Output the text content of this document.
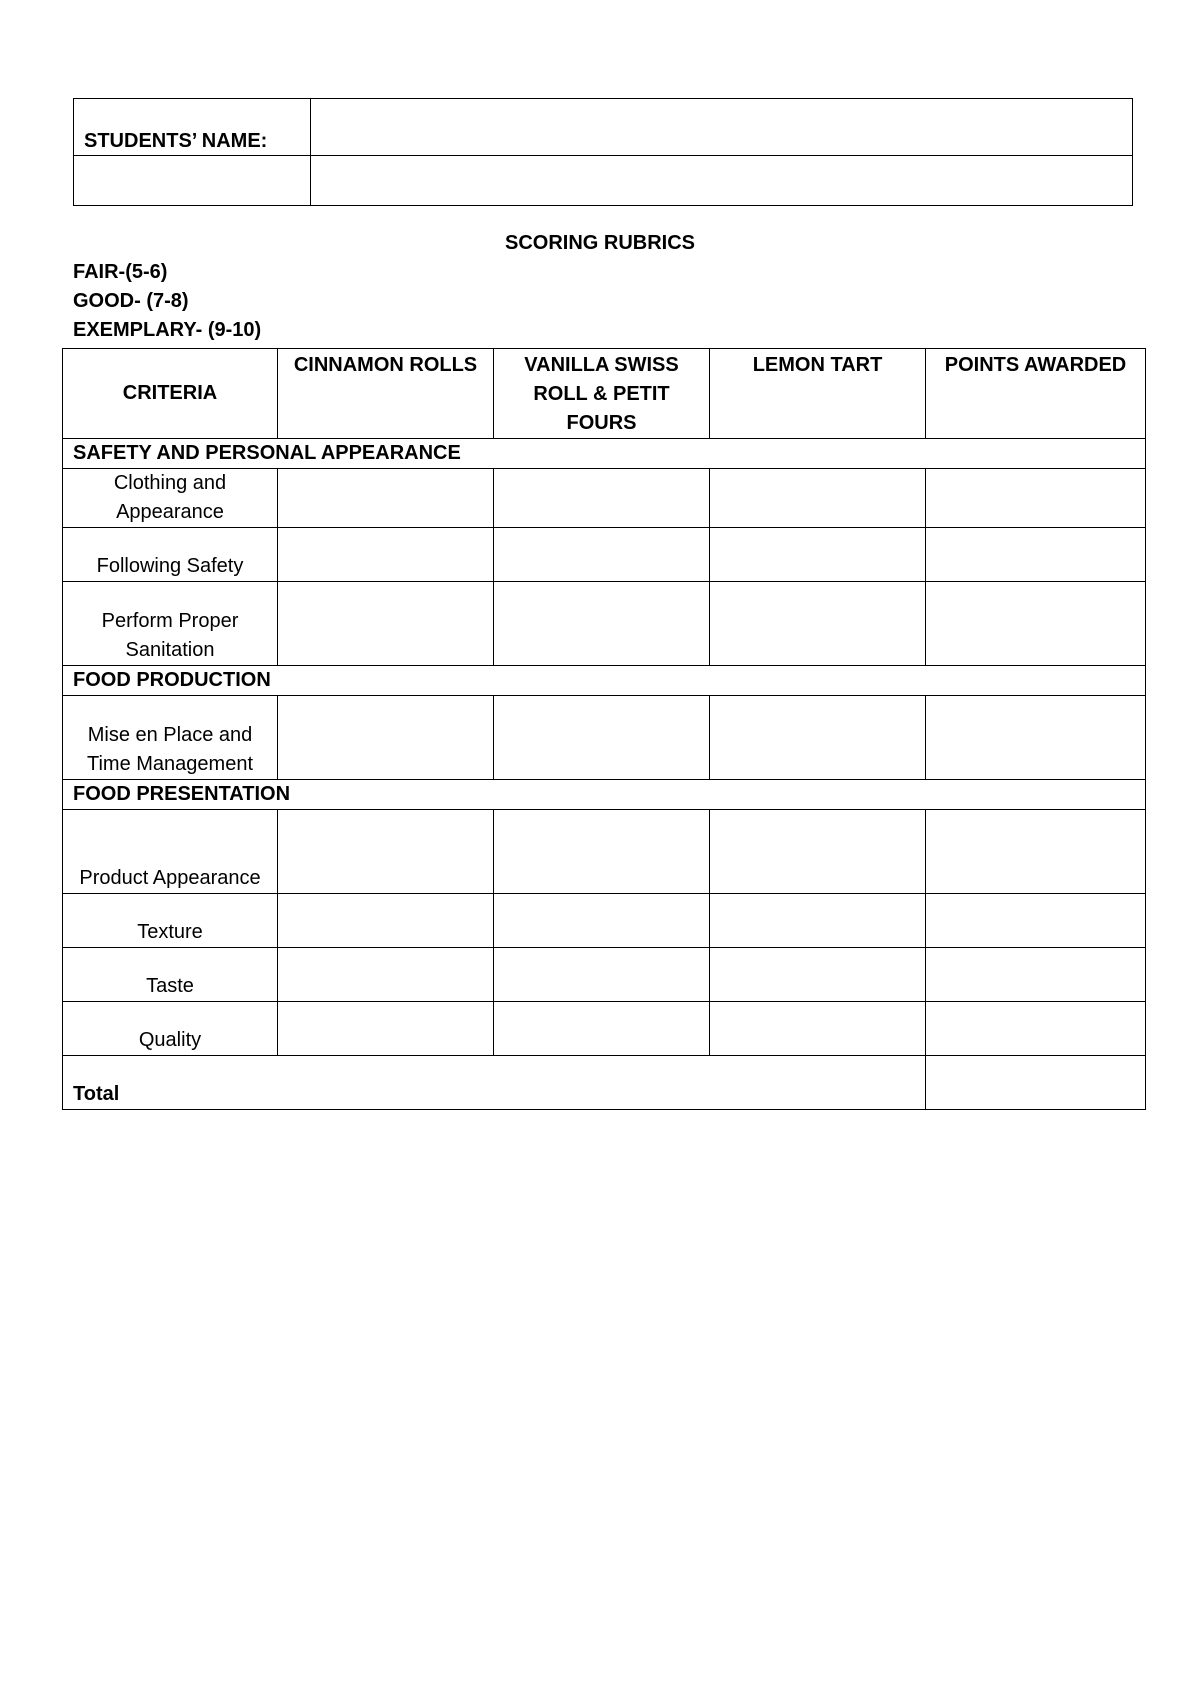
STUDENTS’ NAME:	

SCORING RUBRICS
FAIR-(5-6)
GOOD- (7-8)
EXEMPLARY- (9-10)
CRITERIA	CINNAMON ROLLS	VANILLA SWISS ROLL & PETIT FOURS	LEMON TART	POINTS AWARDED
SAFETY AND PERSONAL APPEARANCE				
Clothing and Appearance				
Following Safety				
Perform Proper Sanitation				
FOOD PRODUCTION				
Mise en Place and Time Management				
FOOD PRESENTATION				
Product Appearance				
Texture				
Taste				
Quality				
Total				
